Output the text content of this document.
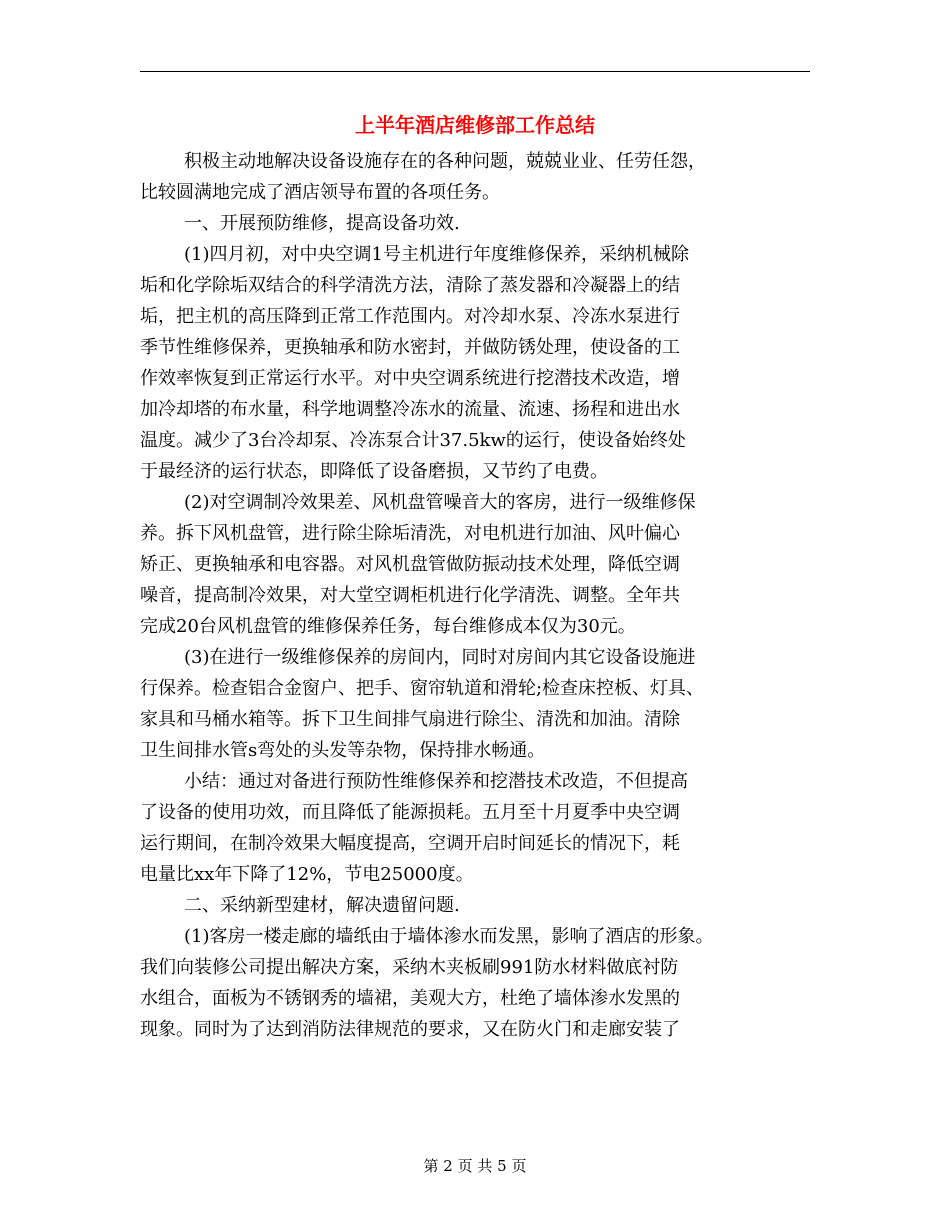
上半年酒店维修部工作总结
积极主动地解决设备设施存在的各种问题，兢兢业业、任劳任怨，
比较圆满地完成了酒店领导布置的各项任务。
一、开展预防维修，提高设备功效.
(1)四月初，对中央空调1号主机进行年度维修保养，采纳机械除
垢和化学除垢双结合的科学清洗方法，清除了蒸发器和冷凝器上的结
垢，把主机的高压降到正常工作范围内。对冷却水泵、冷冻水泵进行
季节性维修保养，更换轴承和防水密封，并做防锈处理，使设备的工
作效率恢复到正常运行水平。对中央空调系统进行挖潜技术改造，增
加冷却塔的布水量，科学地调整冷冻水的流量、流速、扬程和进出水
温度。减少了3台冷却泵、冷冻泵合计37.5kw的运行，使设备始终处
于最经济的运行状态，即降低了设备磨损，又节约了电费。
(2)对空调制冷效果差、风机盘管噪音大的客房，进行一级维修保
养。拆下风机盘管，进行除尘除垢清洗，对电机进行加油、风叶偏心
矫正、更换轴承和电容器。对风机盘管做防振动技术处理，降低空调
噪音，提高制冷效果，对大堂空调柜机进行化学清洗、调整。全年共
完成20台风机盘管的维修保养任务，每台维修成本仅为30元。
(3)在进行一级维修保养的房间内，同时对房间内其它设备设施进
行保养。检查铝合金窗户、把手、窗帘轨道和滑轮;检查床控板、灯具、
家具和马桶水箱等。拆下卫生间排气扇进行除尘、清洗和加油。清除
卫生间排水管s弯处的头发等杂物，保持排水畅通。
小结：通过对备进行预防性维修保养和挖潜技术改造，不但提高
了设备的使用功效，而且降低了能源损耗。五月至十月夏季中央空调
运行期间，在制冷效果大幅度提高，空调开启时间延长的情况下，耗
电量比xx年下降了12%，节电25000度。
二、采纳新型建材，解决遗留问题.
(1)客房一楼走廊的墙纸由于墙体渗水而发黑，影响了酒店的形象。
我们向装修公司提出解决方案，采纳木夹板刷991防水材料做底衬防
水组合，面板为不锈钢秀的墙裙，美观大方，杜绝了墙体渗水发黑的
现象。同时为了达到消防法律规范的要求，又在防火门和走廊安装了
第 2 页 共 5 页
